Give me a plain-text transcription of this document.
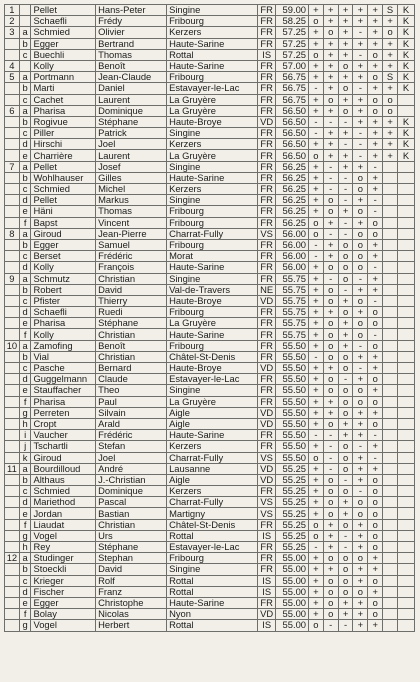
1		Pellet	Hans-Peter	Singine	FR	59.00	+	+	+	+	+	S	K
2		Schaefli	Frédy	Fribourg	FR	58.25	o	+	+	+	+	+	K
3	a	Schmied	Olivier	Kerzers	FR	57.25	+	o	+	-	+	o	K
	b	Egger	Bertrand	Haute-Sarine	FR	57.25	+	+	+	+	+	+	K
	c	Buechli	Thomas	Rottal	IS	57.25	o	+	+	-	o	+	K
4		Kolly	Benoît	Haute-Sarine	FR	57.00	+	+	o	+	+	+	K
5	a	Portmann	Jean-Claude	Fribourg	FR	56.75	+	+	+	+	o	S	K
	b	Marti	Daniel	Estavayer-le-Lac	FR	56.75	-	+	o	-	+	+	K
	c	Cachet	Laurent	La Gruyère	FR	56.75	+	o	+	+	o	o	
6	a	Pharisa	Dominique	La Gruyère	FR	56.50	+	+	o	+	o	o	
	b	Rogivue	Stéphane	Haute-Broye	VD	56.50	-	-	-	+	+	+	K
	c	Piller	Patrick	Singine	FR	56.50	-	+	+	-	+	+	K
	d	Hirschi	Joel	Kerzers	FR	56.50	+	+	-	-	+	+	K
	e	Charrière	Laurent	La Gruyère	FR	56.50	o	+	+	-	+	+	K
7	a	Pellet	Josef	Singine	FR	56.25	+	-	+	+	-		
	b	Wohlhauser	Gilles	Haute-Sarine	FR	56.25	+	-	-	o	+		
	c	Schmied	Michel	Kerzers	FR	56.25	+	-	-	o	+		
	d	Pellet	Markus	Singine	FR	56.25	+	o	-	+	-		
	e	Häni	Thomas	Fribourg	FR	56.25	+	o	+	o	-		
	f	Bapst	Vincent	Fribourg	FR	56.25	o	+	-	+	o		
8	a	Giroud	Jean-Pierre	Charrat-Fully	VS	56.00	o	-	-	o	o		
	b	Egger	Samuel	Fribourg	FR	56.00	-	+	o	o	+		
	c	Berset	Frédéric	Morat	FR	56.00	-	+	o	o	+		
	d	Kolly	François	Haute-Sarine	FR	56.00	+	o	o	o	-		
9	a	Schmutz	Christian	Singine	FR	55.75	+	-	o	-	+		
	b	Robert	David	Val-de-Travers	NE	55.75	+	o	-	+	+		
	c	Pfister	Thierry	Haute-Broye	VD	55.75	+	o	+	o	-		
	d	Schaefli	Ruedi	Fribourg	FR	55.75	+	+	o	+	o		
	e	Pharisa	Stéphane	La Gruyère	FR	55.75	+	o	+	o	o		
	f	Kolly	Christian	Haute-Sarine	FR	55.75	+	o	+	o	-		
10	a	Zamofing	Benoît	Fribourg	FR	55.50	+	o	+	-	o		
	b	Vial	Christian	Châtel-St-Denis	FR	55.50	-	o	o	+	+		
	c	Pasche	Bernard	Haute-Broye	VD	55.50	+	+	o	-	+		
	d	Guggelmann	Claude	Estavayer-le-Lac	FR	55.50	+	o	-	+	o		
	e	Stauffacher	Theo	Singine	FR	55.50	+	o	o	o	+		
	f	Pharisa	Paul	La Gruyère	FR	55.50	+	+	o	o	o		
	g	Perreten	Silvain	Aigle	VD	55.50	+	+	o	+	+		
	h	Cropt	Arald	Aigle	VD	55.50	+	o	+	+	o		
	i	Vaucher	Frédéric	Haute-Sarine	FR	55.50	-	-	+	+	-		
	j	Tschartli	Stefan	Kerzers	FR	55.50	+	-	o	-	+		
	k	Giroud	Joel	Charrat-Fully	VS	55.50	o	-	o	+	-		
11	a	Bourdilloud	André	Lausanne	VD	55.25	+	-	o	+	+		
	b	Althaus	J.-Christian	Aigle	VD	55.25	+	o	-	+	o		
	c	Schmied	Dominique	Kerzers	FR	55.25	+	o	o	-	o		
	d	Mariethod	Pascal	Charrat-Fully	VS	55.25	+	o	+	o	o		
	e	Jordan	Bastian	Martigny	VS	55.25	+	o	+	o	o		
	f	Liaudat	Christian	Châtel-St-Denis	FR	55.25	o	+	o	+	o		
	g	Vogel	Urs	Rottal	IS	55.25	o	+	-	+	o		
	h	Rey	Stéphane	Estavayer-le-Lac	FR	55.25	-	+	-	+	o		
12	a	Studinger	Stephan	Fribourg	FR	55.00	+	o	o	o	+		
	b	Stoeckli	David	Singine	FR	55.00	+	+	o	+	+		
	c	Krieger	Rolf	Rottal	IS	55.00	+	o	o	+	o		
	d	Fischer	Franz	Rottal	IS	55.00	+	o	o	o	+		
	e	Egger	Christophe	Haute-Sarine	FR	55.00	+	o	+	+	o		
	f	Bolay	Nicolas	Nyon	VD	55.00	+	o	+	+	o		
	g	Vogel	Herbert	Rottal	IS	55.00	o	-	-	+	+		
